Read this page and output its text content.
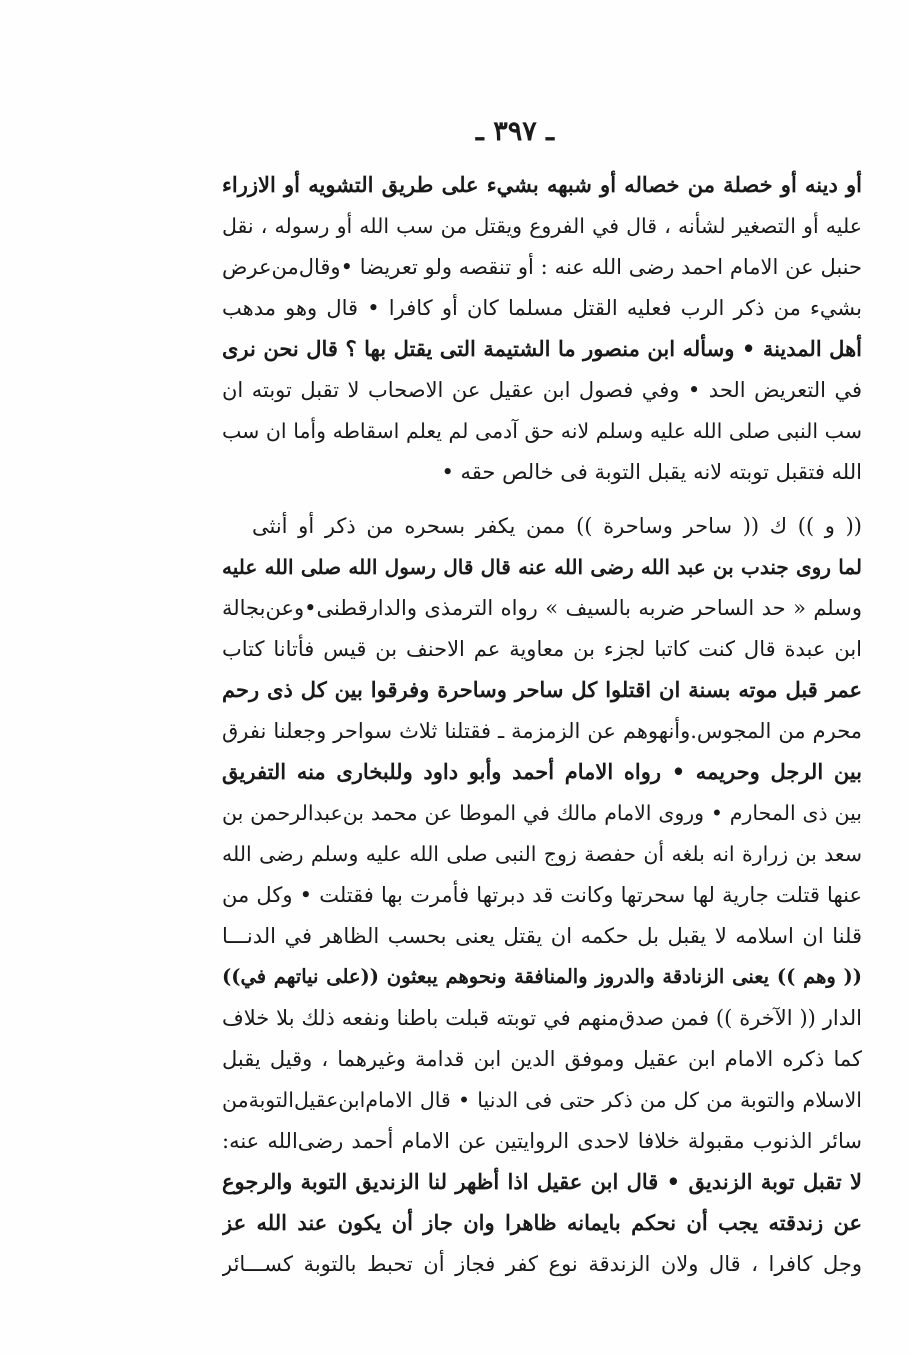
ـ ٣٩٧ ـ
أو دينه أو خصلة من خصاله أو شبهه بشيء على طريق التشويه أو الازراء
عليه أو التصغير لشأنه ، قال في الفروع ويقتل من سب الله أو رسوله ، نقل
حنبل عن الامام احمد رضى الله عنه : أو تنقصه ولو تعريضا •وقال‌من‌عرض
بشيء من ذكر الرب فعليه القتل مسلما كان أو كافرا • قال وهو مدهب
أهل المدينة • وسأله ابن منصور ما الشتيمة التى يقتل بها ؟ قال نحن نرى
في التعريض الحد • وفي فصول ابن عقيل عن الاصحاب لا تقبل توبته ان
سب النبى صلى الله عليه وسلم لانه حق آدمى لم يعلم اسقاطه وأما ان سب
الله فتقبل توبته لانه يقبل التوبة فى خالص حقه •
(( و )) ك (( ساحر وساحرة )) ممن يكفر بسحره من ذكر أو أنثى
لما روى جندب بن عبد الله رضى الله عنه قال قال رسول الله صلى الله عليه
وسلم « حد الساحر ضربه بالسيف » رواه الترمذى والدارقطنى•وعن‌بجالة
ابن عبدة قال كنت كاتبا لجزء بن معاوية عم الاحنف بن قيس فأتانا كتاب
عمر قبل موته بسنة ان اقتلوا كل ساحر وساحرة وفرقوا بين كل ذى رحم
محرم من المجوس.وأنهوهم عن الزمزمة ـ فقتلنا ثلاث سواحر وجعلنا نفرق
بين الرجل وحريمه • رواه الامام أحمد وأبو داود وللبخارى منه التفريق
بين ذى المحارم • وروى الامام مالك في الموطا عن محمد بن‌عبدالرحمن بن
سعد بن زرارة انه بلغه أن حفصة زوج النبى صلى الله عليه وسلم رضى الله
عنها قتلت جارية لها سحرتها وكانت قد دبرتها فأمرت بها فقتلت • وكل من
قلنا ان اسلامه لا يقبل بل حكمه ان يقتل يعنى بحسب الظاهر في الدنـــا
(( وهم )) يعنى الزنادقة والدروز والمنافقة ونحوهم يبعثون ((على نياتهم في))
الدار (( الآخرة )) فمن صدق‌منهم في توبته قبلت باطنا ونفعه ذلك بلا خلاف
كما ذكره الامام ابن عقيل وموفق الدين ابن قدامة وغيرهما ، وقيل يقبل
الاسلام والتوبة من كل من ذكر حتى فى الدنيا • قال الامام‌ابن‌عقيل‌التوبة‌من
سائر الذنوب مقبولة خلافا لاحدى الروايتين عن الامام أحمد رضى‌الله عنه:
لا تقبل توبة الزنديق • قال ابن عقيل اذا أظهر لنا الزنديق التوبة والرجوع
عن زندقته يجب أن نحكم بايمانه ظاهرا وان جاز أن يكون عند الله عز
وجل كافرا ، قال ولان الزندقة نوع كفر فجاز أن تحبط بالتوبة كســـائر
